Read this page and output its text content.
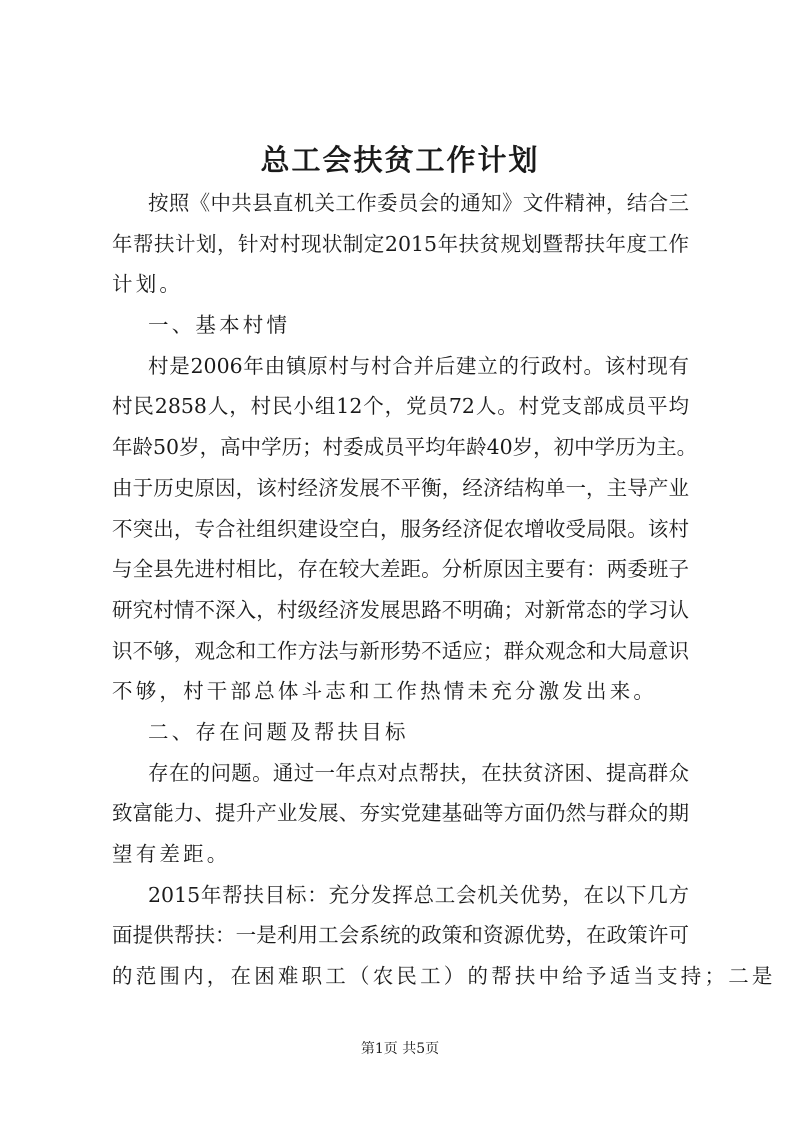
总工会扶贫工作计划
按照《中共县直机关工作委员会的通知》文件精神，结合三
年帮扶计划，针对村现状制定2015年扶贫规划暨帮扶年度工作
计划。
一、基本村情
村是2006年由镇原村与村合并后建立的行政村。该村现有
村民2858人，村民小组12个，党员72人。村党支部成员平均
年龄50岁，高中学历；村委成员平均年龄40岁，初中学历为主。
由于历史原因，该村经济发展不平衡，经济结构单一，主导产业
不突出，专合社组织建设空白，服务经济促农增收受局限。该村
与全县先进村相比，存在较大差距。分析原因主要有：两委班子
研究村情不深入，村级经济发展思路不明确；对新常态的学习认
识不够，观念和工作方法与新形势不适应；群众观念和大局意识
不够，村干部总体斗志和工作热情未充分激发出来。
二、存在问题及帮扶目标
存在的问题。通过一年点对点帮扶，在扶贫济困、提高群众
致富能力、提升产业发展、夯实党建基础等方面仍然与群众的期
望有差距。
2015年帮扶目标：充分发挥总工会机关优势，在以下几方
面提供帮扶：一是利用工会系统的政策和资源优势，在政策许可
的范围内，在困难职工（农民工）的帮扶中给予适当支持；二是
第1页 共5页
